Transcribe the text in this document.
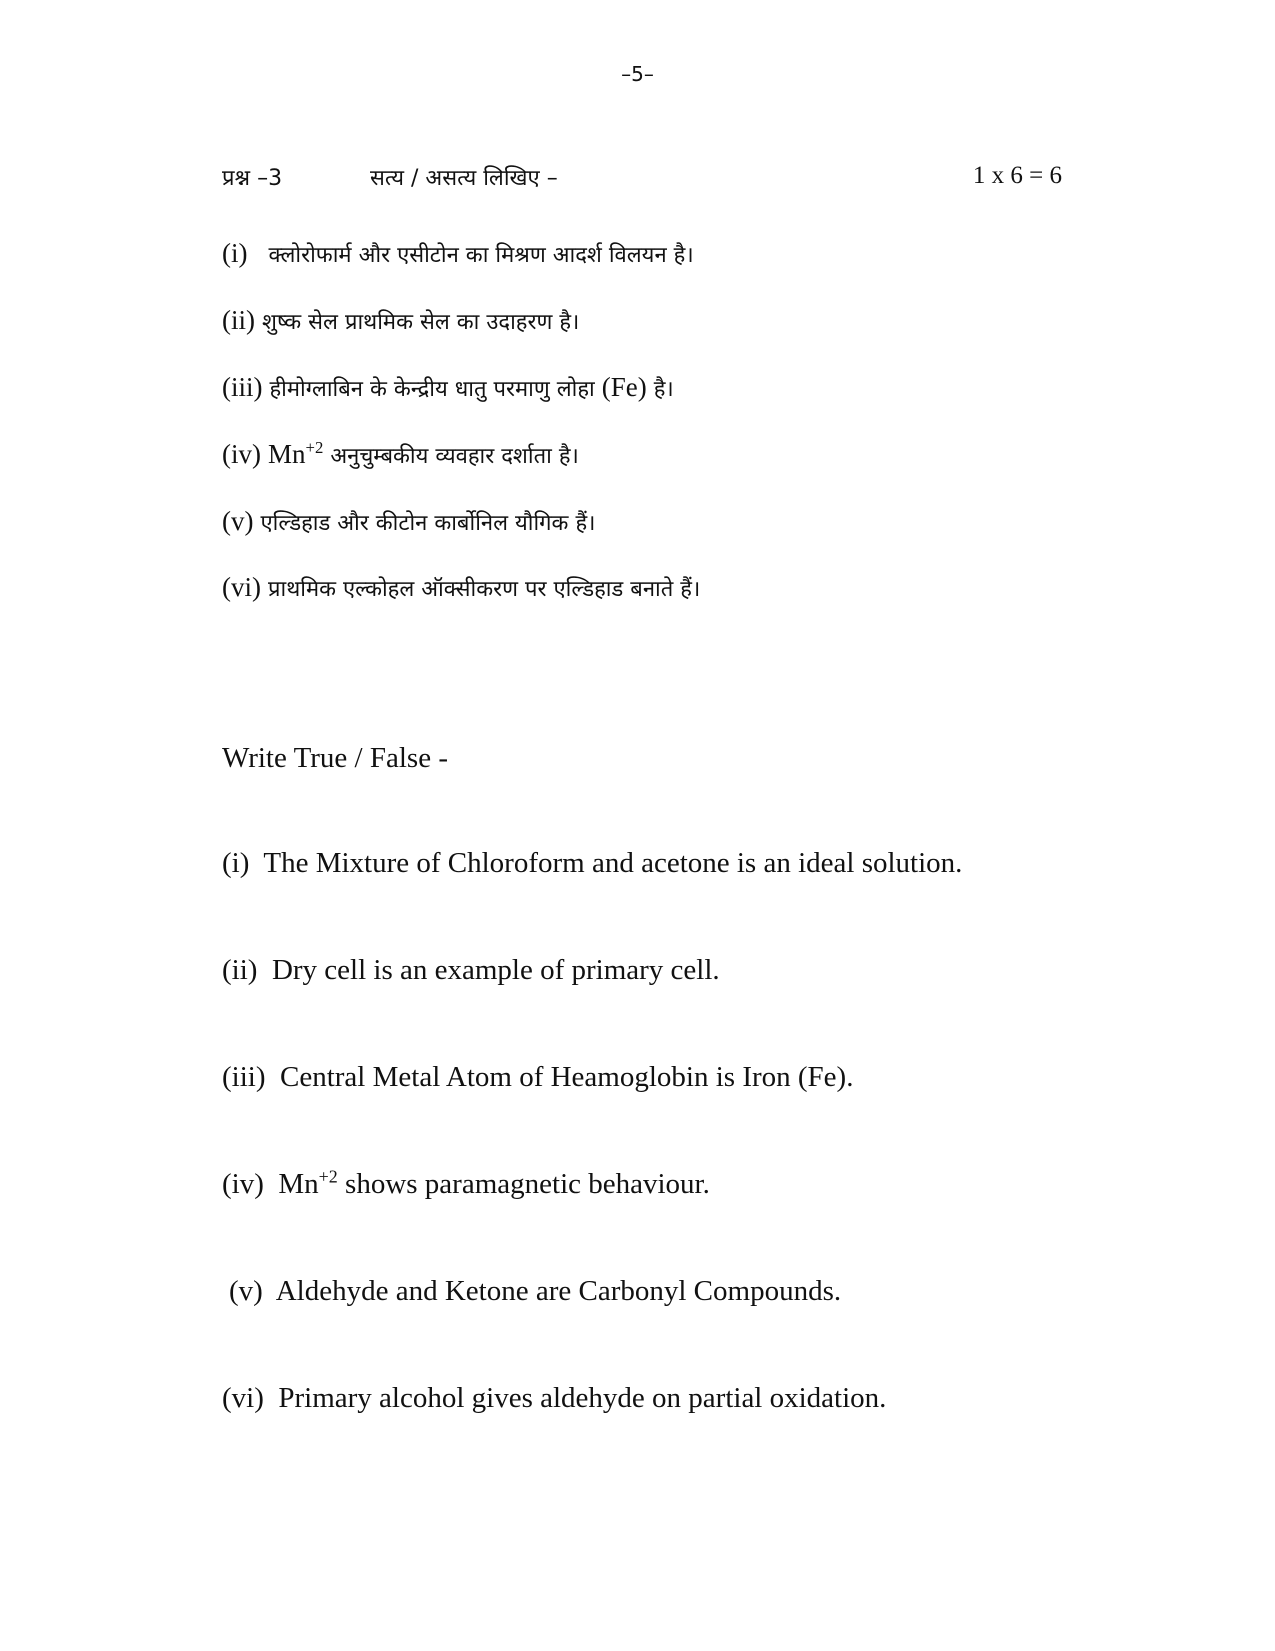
–5–
प्रश्न –3	सत्य / असत्य लिखिए –	1 x 6 = 6
(i) क्लोरोफार्म और एसीटोन का मिश्रण आदर्श विलयन है।
(ii) शुष्क सेल प्राथमिक सेल का उदाहरण है।
(iii) हीमोग्लाबिन के केन्द्रीय धातु परमाणु लोहा (Fe) है।
(iv) $Mn^{+2}$ अनुचुम्बकीय व्यवहार दर्शाता है।
(v) एल्डिहाड और कीटोन कार्बोनिल यौगिक हैं।
(vi) प्राथमिक एल्कोहल ऑक्सीकरण पर एल्डिहाड बनाते हैं।
Write True / False -
(i) The Mixture of Chloroform and acetone is an ideal solution.
(ii) Dry cell is an example of primary cell.
(iii) Central Metal Atom of Heamoglobin is Iron (Fe).
(iv) $Mn^{+2}$ shows paramagnetic behaviour.
(v) Aldehyde and Ketone are Carbonyl Compounds.
(vi) Primary alcohol gives aldehyde on partial oxidation.
